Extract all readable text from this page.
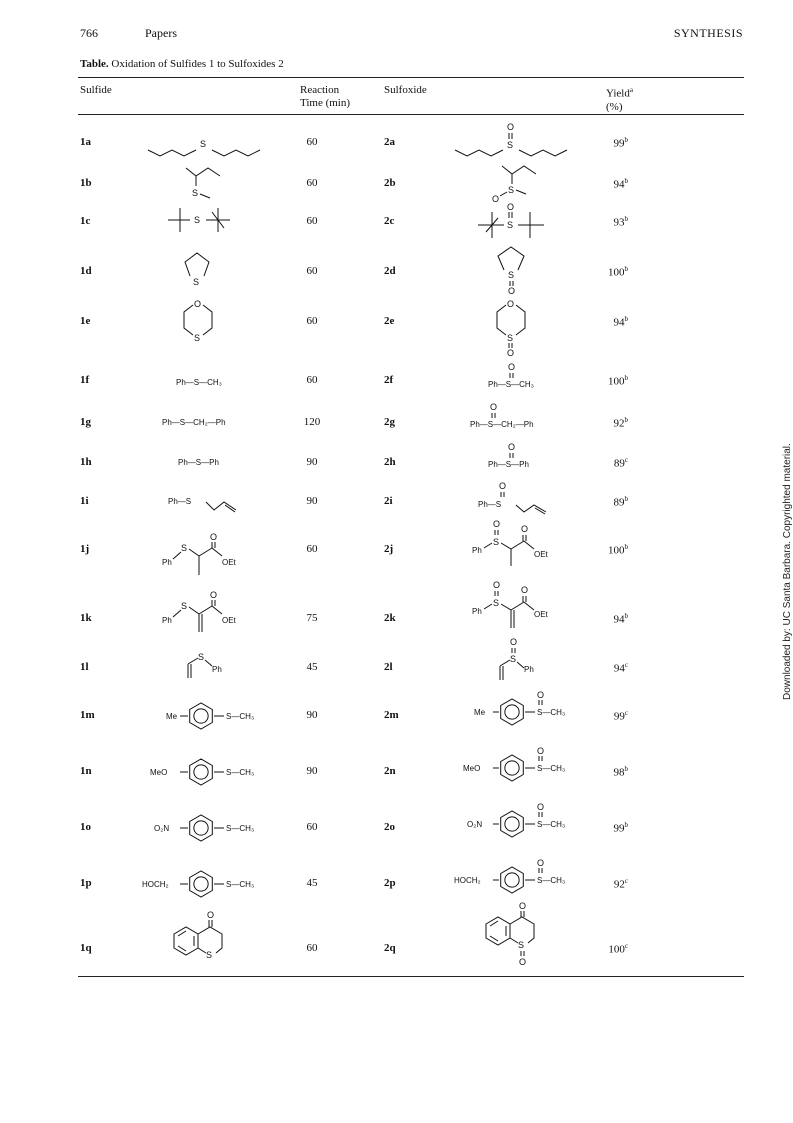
766	Papers	SYNTHESIS
Table. Oxidation of Sulfides 1 to Sulfoxides 2
Sulfide	Reaction
Time (min)
Sulfoxide	Yield$^a$
(%)
1a	60	2a	99$^b$
1b	60	2b	94$^b$
1c	60	2c	93$^b$
1d	60	2d	100$^b$
1e	60	2e	94$^b$
1f	60	2f	100$^b$
1g	120	2g	92$^b$
1h	90	2h	89$^c$
1i	90	2i	89$^b$
1j	60	2j	100$^b$
1k	75	2k	94$^b$
1l	45	2l	94$^c$
1m	90	2m	99$^c$
1n	90	2n	98$^b$
1o	60	2o	99$^b$
1p	45	2p	92$^c$
1q	60	2q	100$^c$
S	S
O
S	S
O
S	S
O
S
S
O
O
S
O
S
O
Ph—S—CH₃	Ph—S—CH₃
O
Ph—S—CH₂—Ph	Ph—S—CH₂—Ph
O
Ph—S—Ph	Ph—S—Ph
O
Ph—S	Ph—S
O
Ph
S
O
OEt
Ph
S
O O
OEt
Ph
S
O
OEt
Ph
S
O O
OEt
S
Ph
S
O
Ph
Me	S—CH₃	Me	S—CH₃
O
MeO	S—CH₃	MeO	S—CH₃
O
O₂N	S—CH₃	O₂N	S—CH₃
O
HOCH₂	S—CH₃	HOCH₂	S—CH₃
O
S
O
S
O
O
Downloaded by: UC Santa Barbara. Copyrighted material.
